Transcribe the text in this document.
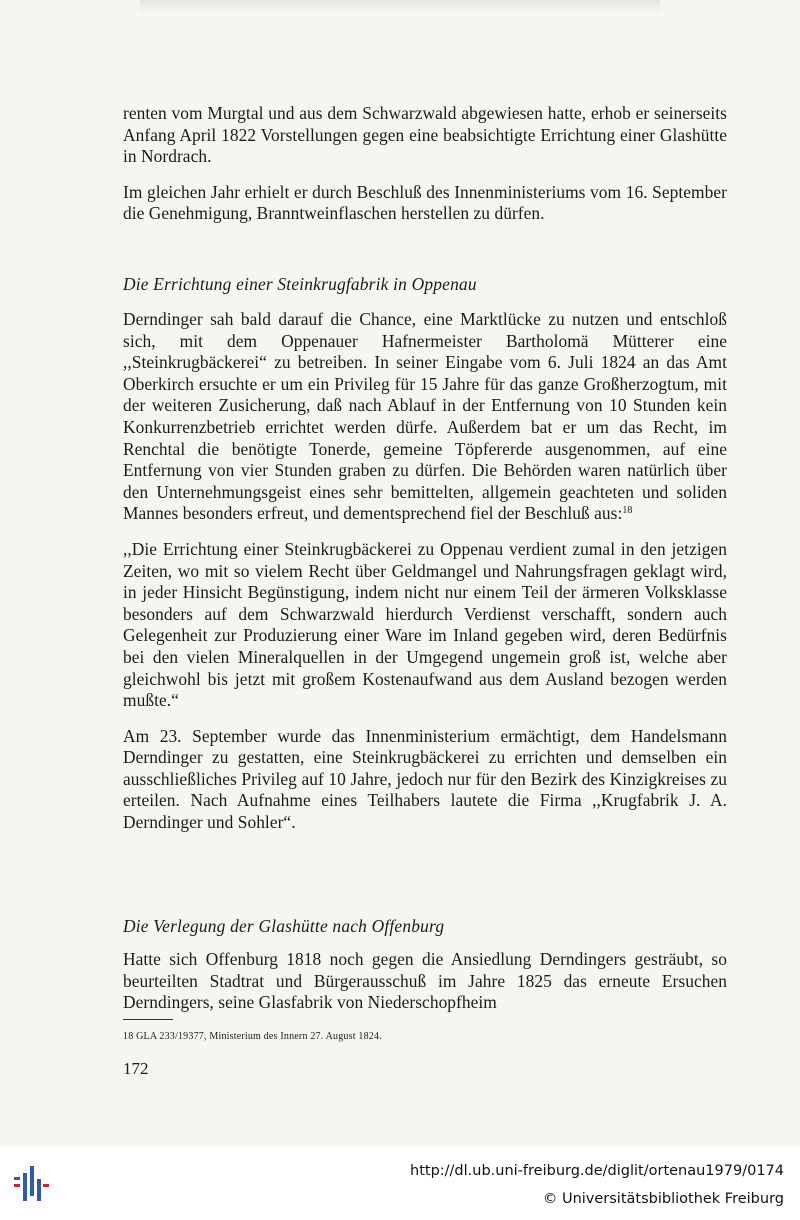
renten vom Murgtal und aus dem Schwarzwald abgewiesen hatte, erhob er seinerseits Anfang April 1822 Vorstellungen gegen eine beabsichtigte Errichtung einer Glashütte in Nordrach.

Im gleichen Jahr erhielt er durch Beschluß des Innenministeriums vom 16. September die Genehmigung, Branntweinflaschen herstellen zu dürfen.

Die Errichtung einer Steinkrugfabrik in Oppenau

Derndinger sah bald darauf die Chance, eine Marktlücke zu nutzen und entschloß sich, mit dem Oppenauer Hafnermeister Bartholomä Mütterer eine ,,Steinkrugbäckerei“ zu betreiben. In seiner Eingabe vom 6. Juli 1824 an das Amt Oberkirch ersuchte er um ein Privileg für 15 Jahre für das ganze Großherzogtum, mit der weiteren Zusicherung, daß nach Ablauf in der Entfernung von 10 Stunden kein Konkurrenzbetrieb errichtet werden dürfe. Außerdem bat er um das Recht, im Renchtal die benötigte Tonerde, gemeine Töpfererde ausgenommen, auf eine Entfernung von vier Stunden graben zu dürfen. Die Behörden waren natürlich über den Unternehmungsgeist eines sehr bemittelten, allgemein geachteten und soliden Mannes besonders erfreut, und dementsprechend fiel der Beschluß aus:$^{18}$

,,Die Errichtung einer Steinkrugbäckerei zu Oppenau verdient zumal in den jetzigen Zeiten, wo mit so vielem Recht über Geldmangel und Nahrungsfragen geklagt wird, in jeder Hinsicht Begünstigung, indem nicht nur einem Teil der ärmeren Volksklasse besonders auf dem Schwarzwald hierdurch Verdienst verschafft, sondern auch Gelegenheit zur Produzierung einer Ware im Inland gegeben wird, deren Bedürfnis bei den vielen Mineralquellen in der Umgegend ungemein groß ist, welche aber gleichwohl bis jetzt mit großem Kostenaufwand aus dem Ausland bezogen werden mußte.“

Am 23. September wurde das Innenministerium ermächtigt, dem Handelsmann Derndinger zu gestatten, eine Steinkrugbäckerei zu errichten und demselben ein ausschließliches Privileg auf 10 Jahre, jedoch nur für den Bezirk des Kinzigkreises zu erteilen. Nach Aufnahme eines Teilhabers lautete die Firma ,,Krugfabrik J. A. Derndinger und Sohler“.

Die Verlegung der Glashütte nach Offenburg

Hatte sich Offenburg 1818 noch gegen die Ansiedlung Derndingers gesträubt, so beurteilten Stadtrat und Bürgerausschuß im Jahre 1825 das erneute Ersuchen Derndingers, seine Glasfabrik von Niederschopfheim

18 GLA 233/19377, Ministerium des Innern 27. August 1824.

172

http://dl.ub.uni-freiburg.de/diglit/ortenau1979/0174

© Universitätsbibliothek Freiburg
